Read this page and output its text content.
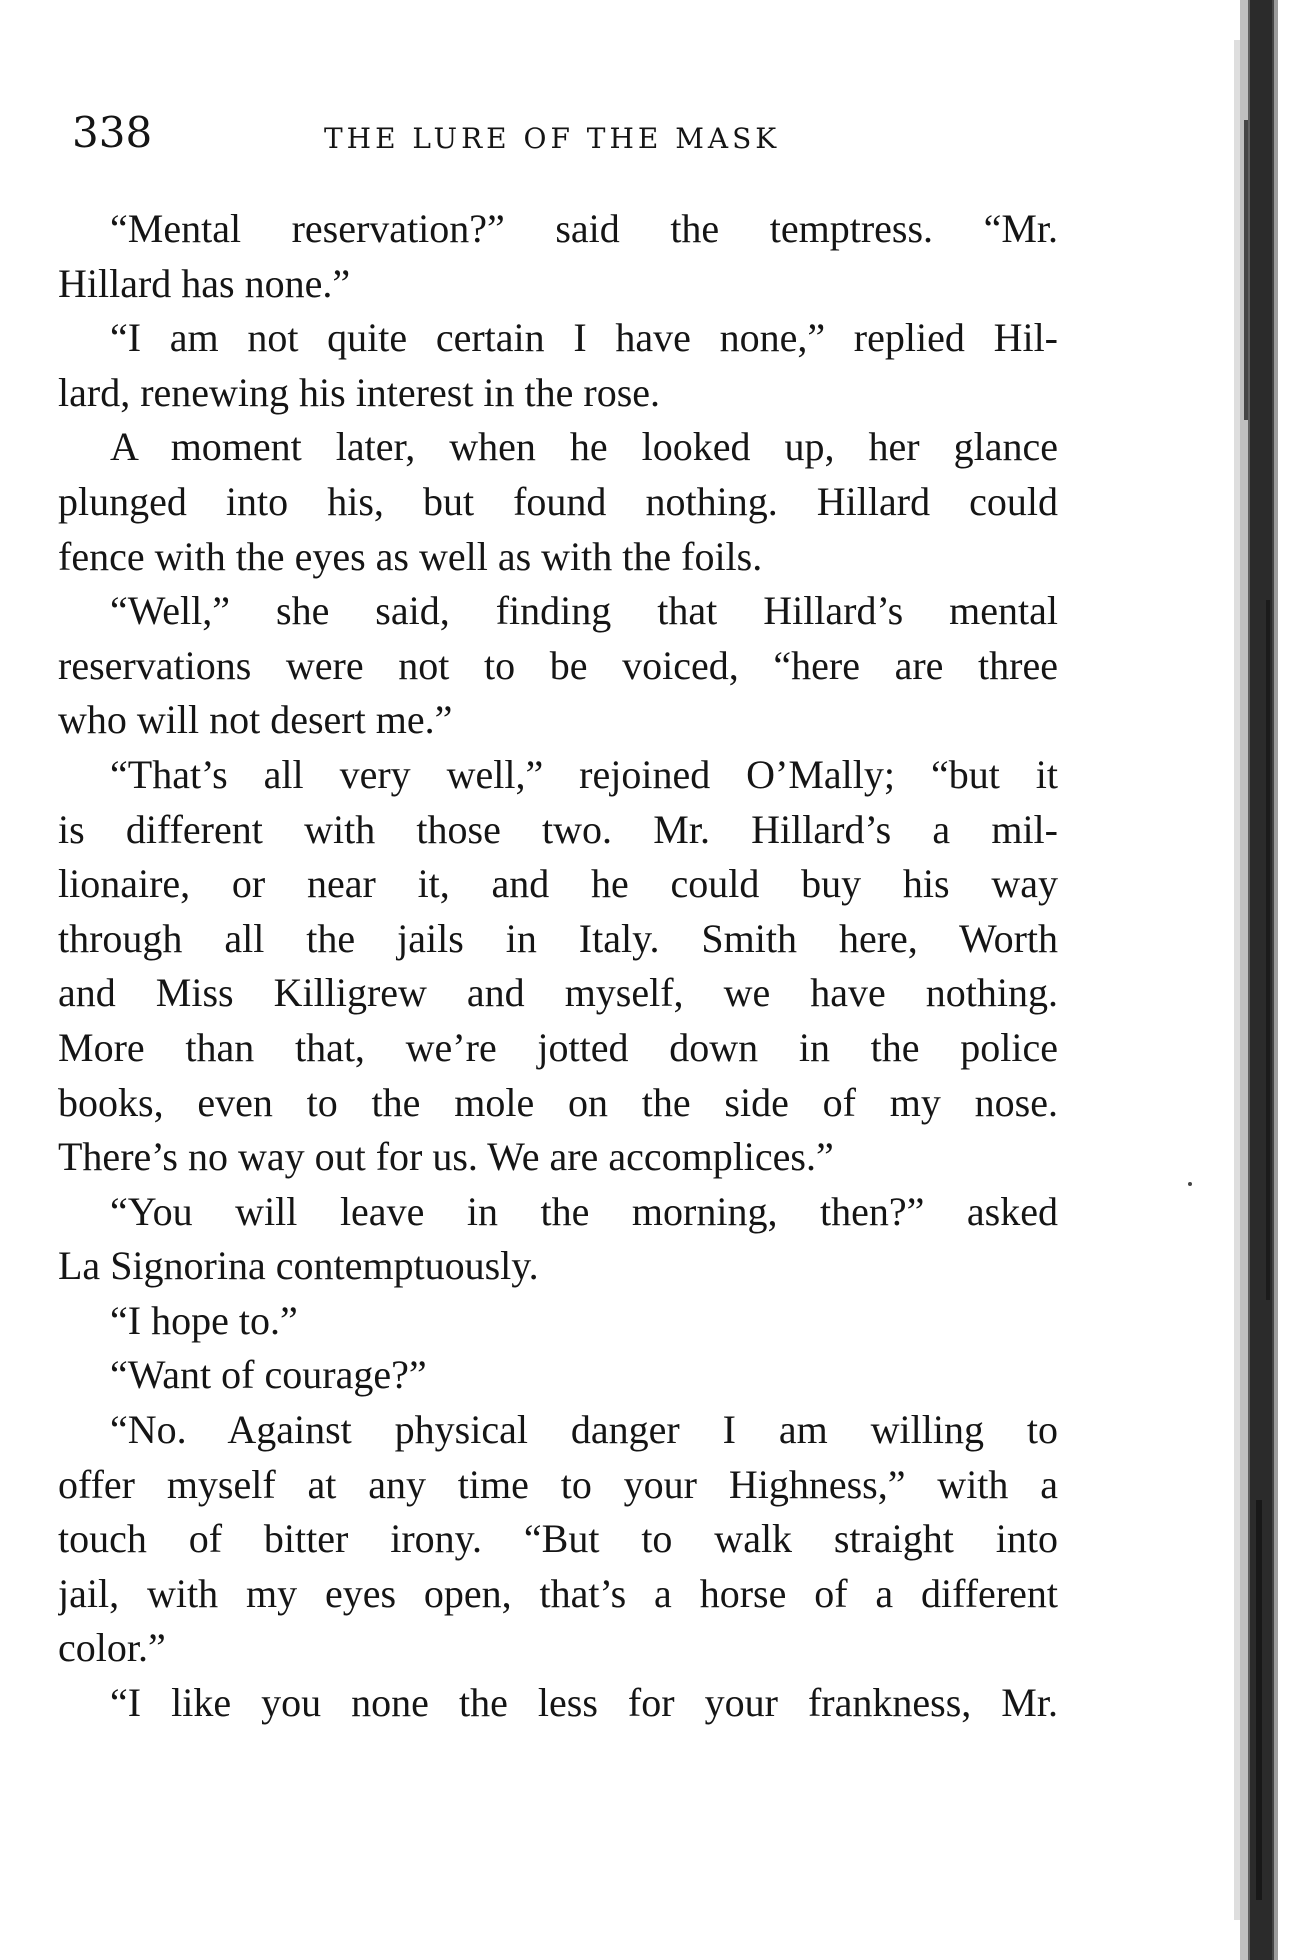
338	THE LURE OF THE MASK
“Mental reservation?” said the temptress. “Mr.
Hillard has none.”
“I am not quite certain I have none,” replied Hil-
lard, renewing his interest in the rose.
A moment later, when he looked up, her glance
plunged into his, but found nothing. Hillard could
fence with the eyes as well as with the foils.
“Well,” she said, finding that Hillard’s mental
reservations were not to be voiced, “here are three
who will not desert me.”
“That’s all very well,” rejoined O’Mally; “but it
is different with those two. Mr. Hillard’s a mil-
lionaire, or near it, and he could buy his way
through all the jails in Italy. Smith here, Worth
and Miss Killigrew and myself, we have nothing.
More than that, we’re jotted down in the police
books, even to the mole on the side of my nose.
There’s no way out for us. We are accomplices.”
“You will leave in the morning, then?” asked
La Signorina contemptuously.
“I hope to.”
“Want of courage?”
“No. Against physical danger I am willing to
offer myself at any time to your Highness,” with a
touch of bitter irony. “But to walk straight into
jail, with my eyes open, that’s a horse of a different
color.”
“I like you none the less for your frankness, Mr.
